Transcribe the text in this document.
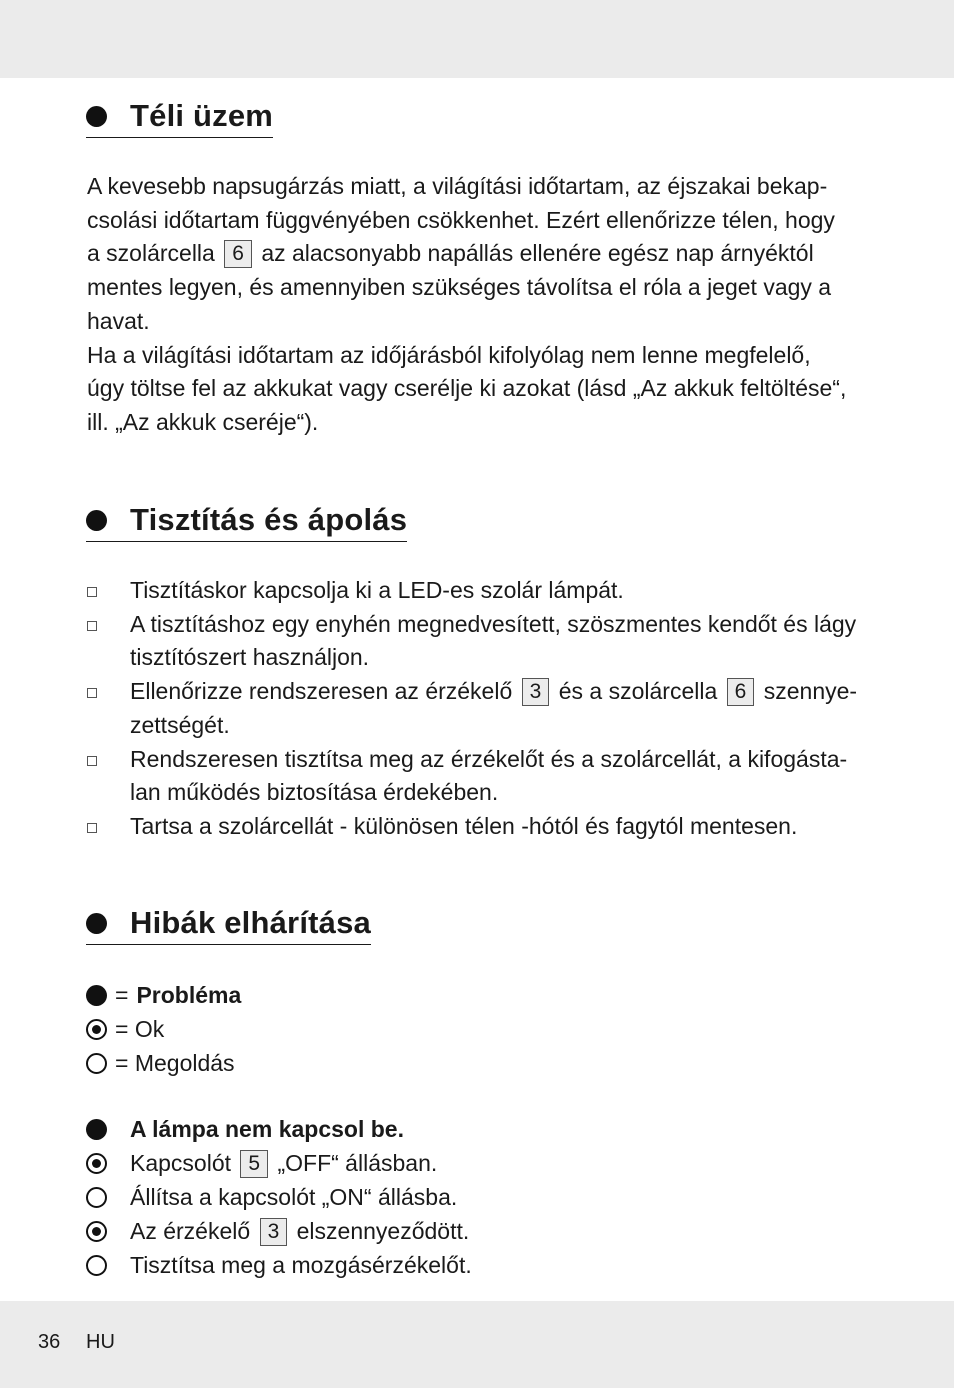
Téli üzem

A kevesebb napsugárzás miatt, a világítási időtartam, az éjszakai bekap-

csolási időtartam függvényében csökkenhet. Ezért ellenőrizze télen, hogy

a szolárcella 6 az alacsonyabb napállás ellenére egész nap árnyéktól

mentes legyen, és amennyiben szükséges távolítsa el róla a jeget vagy a

havat.

Ha a világítási időtartam az időjárásból kifolyólag nem lenne megfelelő,

úgy töltse fel az akkukat vagy cserélje ki azokat (lásd „Az akkuk feltöltése“,

ill. „Az akkuk cseréje“).

Tisztítás és ápolás
Tisztításkor kapcsolja ki a LED-es szolár lámpát.
A tisztításhoz egy enyhén megnedvesített, szöszmentes kendőt és lágy
tisztítószert használjon.
Ellenőrizze rendszeresen az érzékelő 3 és a szolárcella 6 szennye-
zettségét.
Rendszeresen tisztítsa meg az érzékelőt és a szolárcellát, a kifogásta-
lan működés biztosítása érdekében.
Tartsa a szolárcellát - különösen télen -hótól és fagytól mentesen.
Hibák elhárítása
= Probléma
= Ok
= Megoldás
A lámpa nem kapcsol be.
Kapcsolót 5 „OFF“ állásban.
Állítsa a kapcsolót „ON“ állásba.
Az érzékelő 3 elszennyeződött.
Tisztítsa meg a mozgásérzékelőt.
36 HU
